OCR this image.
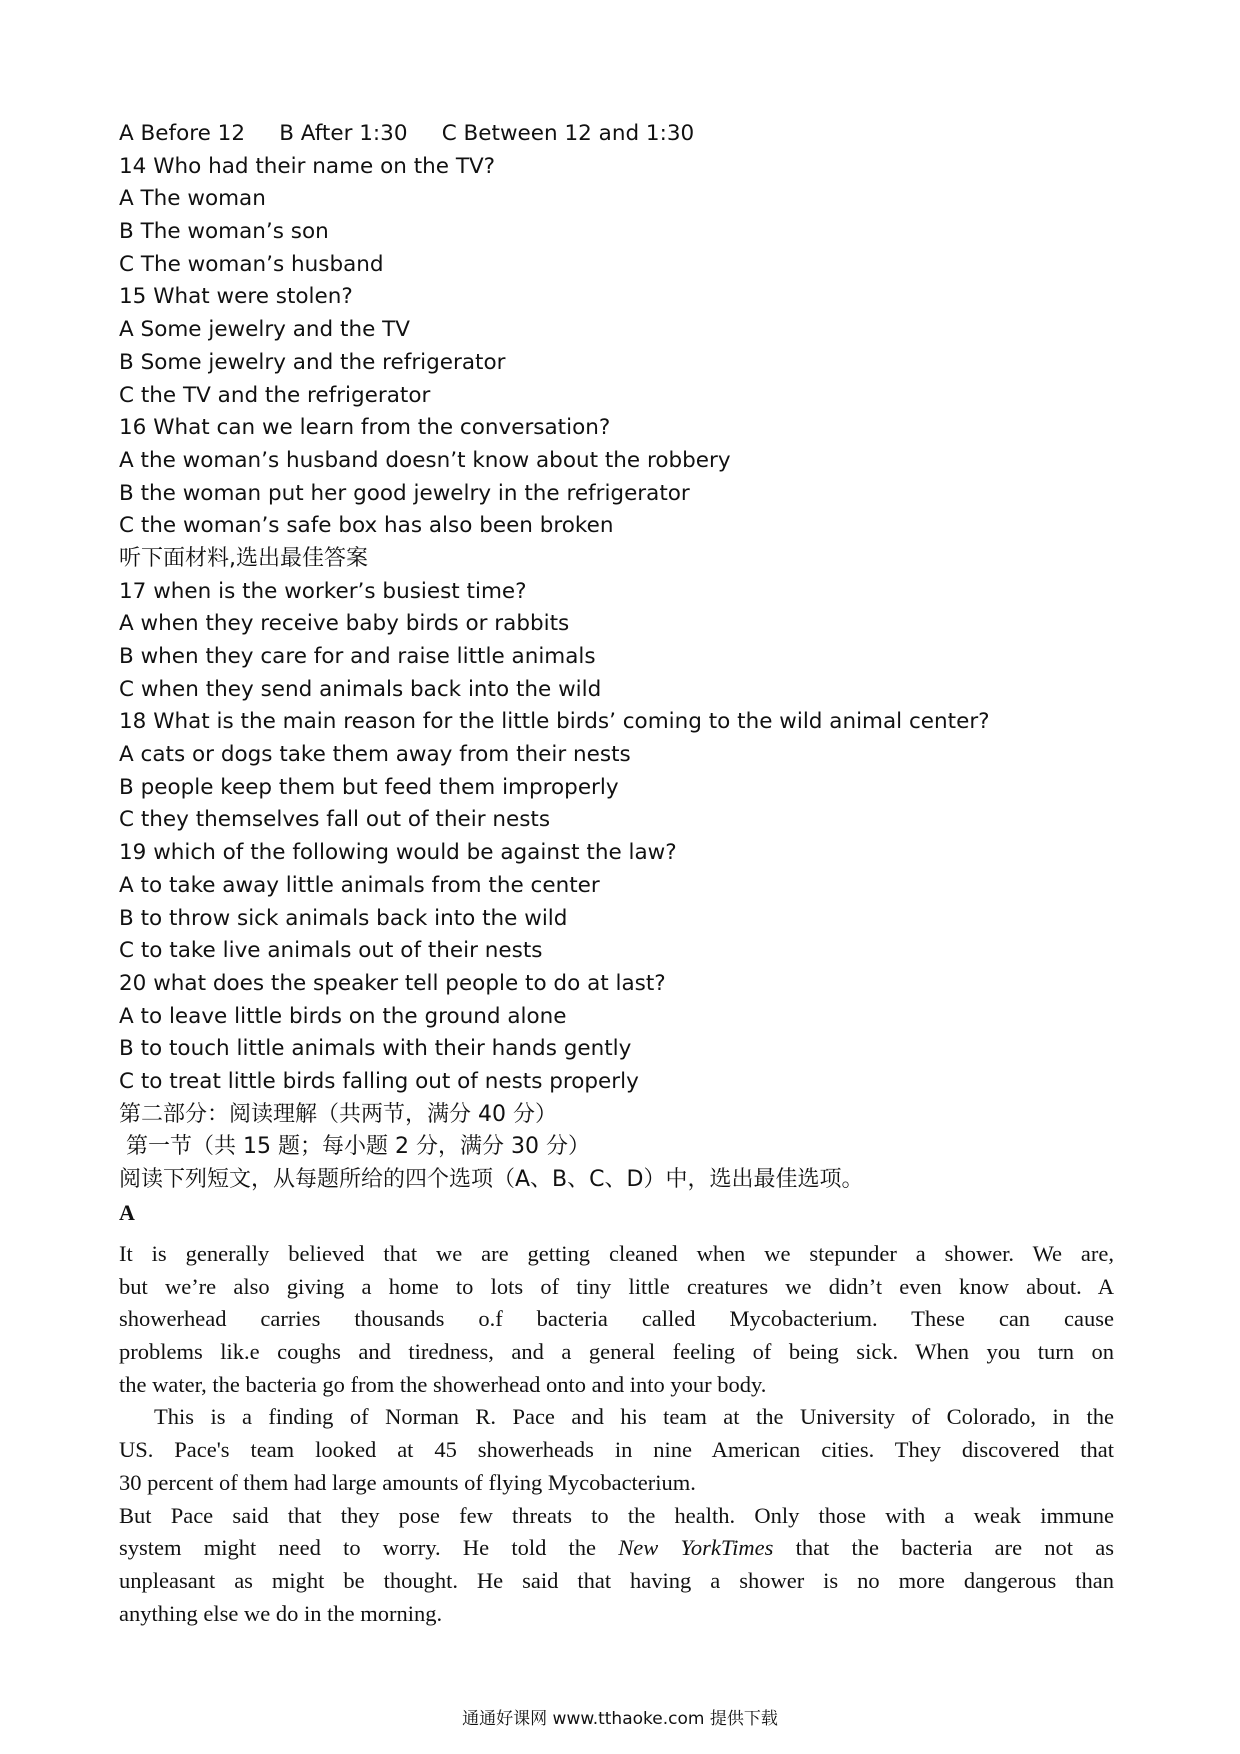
A Before 12     B After 1:30     C Between 12 and 1:30
14 Who had their name on the TV?
A The woman
B The woman’s son
C The woman’s husband
15 What were stolen?
A Some jewelry and the TV
B Some jewelry and the refrigerator
C the TV and the refrigerator
16 What can we learn from the conversation?
A the woman’s husband doesn’t know about the robbery
B the woman put her good jewelry in the refrigerator
C the woman’s safe box has also been broken
听下面材料,选出最佳答案
17 when is the worker’s busiest time?
A when they receive baby birds or rabbits
B when they care for and raise little animals
C when they send animals back into the wild
18 What is the main reason for the little birds’ coming to the wild animal center?
A cats or dogs take them away from their nests
B people keep them but feed them improperly
C they themselves fall out of their nests
19 which of the following would be against the law?
A to take away little animals from the center
B to throw sick animals back into the wild
C to take live animals out of their nests
20 what does the speaker tell people to do at last?
A to leave little birds on the ground alone
B to touch little animals with their hands gently
C to treat little birds falling out of nests properly
第二部分：阅读理解（共两节，满分 40 分）
第一节（共 15 题；每小题 2 分，满分 30 分）
阅读下列短文，从每题所给的四个选项（A、B、C、D）中，选出最佳选项。
A
It is generally believed that we are getting cleaned when we stepunder a shower. We are,
but we’re also giving a home to lots of tiny little creatures we didn’t even know about. A
showerhead carries thousands o.f bacteria called Mycobacterium. These can cause
problems lik.e coughs and tiredness, and a general feeling of being sick. When you turn on
the water, the bacteria go from the showerhead onto and into your body.
This is a finding of Norman R. Pace and his team at the University of Colorado, in the
US. Pace's team looked at 45 showerheads in nine American cities. They discovered that
30 percent of them had large amounts of flying Mycobacterium.
But Pace said that they pose few threats to the health. Only those with a weak immune
system might need to worry. He told the New YorkTimes that the bacteria are not as
unpleasant as might be thought. He said that having a shower is no more dangerous than
anything else we do in the morning.
通通好课网 www.tthaoke.com 提供下载
